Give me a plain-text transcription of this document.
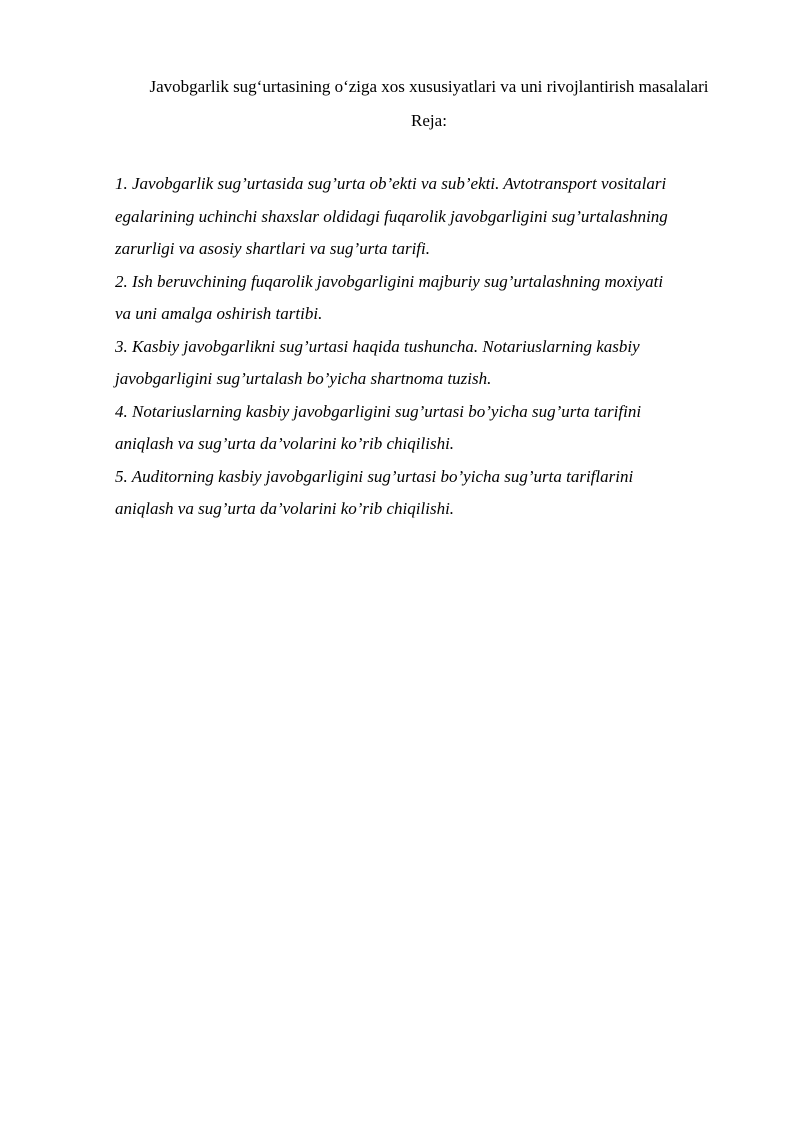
Javobgarlik sug‘urtasining o‘ziga xos xususiyatlari va uni rivojlantirish masalalari
Reja:
1. Javobgarlik sug’urtasida sug’urta ob’ekti va sub’ekti. Avtotransport vositalari
egalarining uchinchi shaxslar oldidagi fuqarolik javobgarligini sug’urtalashning
zarurligi va asosiy shartlari va sug’urta tarifi.
2. Ish beruvchining fuqarolik javobgarligini majburiy sug’urtalashning moxiyati
va uni amalga oshirish tartibi.
3. Kasbiy javobgarlikni sug’urtasi haqida tushuncha. Notariuslarning kasbiy
javobgarligini sug’urtalash bo’yicha shartnoma tuzish.
4. Notariuslarning kasbiy javobgarligini sug’urtasi bo’yicha sug’urta tarifini
aniqlash va sug’urta da’volarini ko’rib chiqilishi.
5. Auditorning kasbiy javobgarligini sug’urtasi bo’yicha sug’urta tariflarini
aniqlash va sug’urta da’volarini ko’rib chiqilishi.
